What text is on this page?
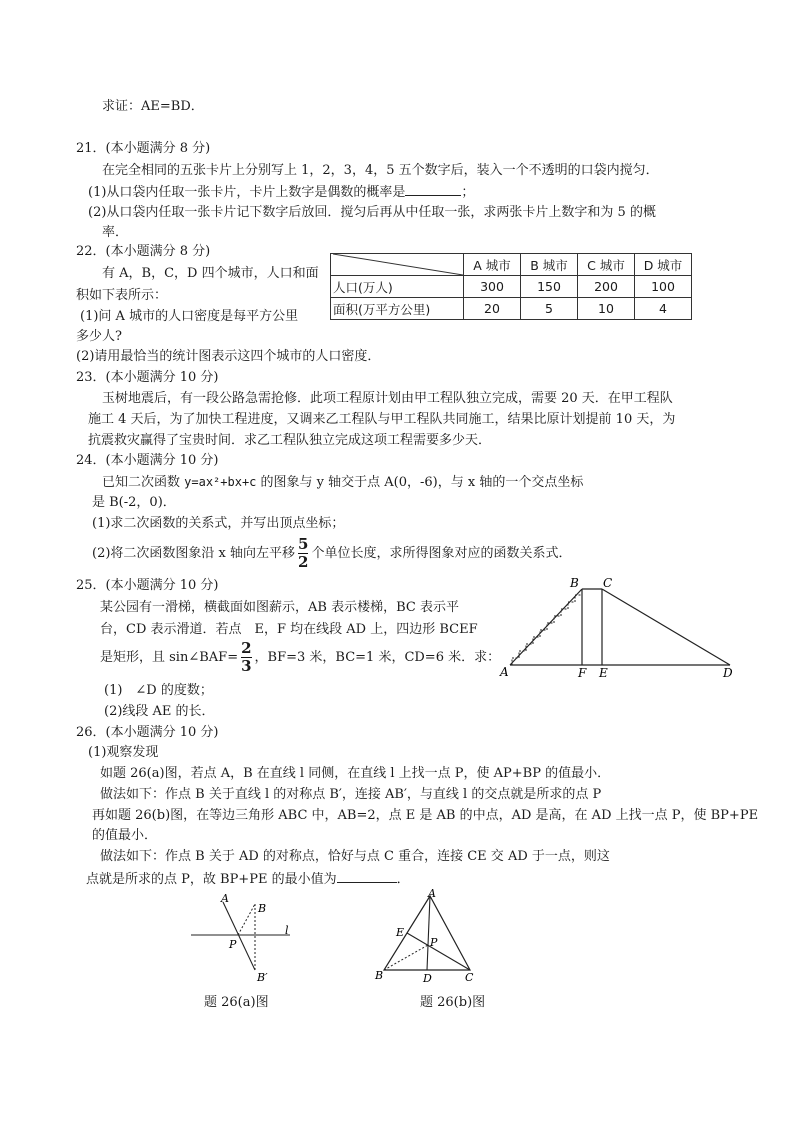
求证：AE=BD．
21．(本小题满分 8 分)
在完全相同的五张卡片上分别写上 1，2，3，4，5 五个数字后，装入一个不透明的口袋内搅匀．
(1)从口袋内任取一张卡片，卡片上数字是偶数的概率是	；
(2)从口袋内任取一张卡片记下数字后放回．搅匀后再从中任取一张，求两张卡片上数字和为 5 的概
率．
22．(本小题满分 8 分)
有 A，B，C，D 四个城市，人口和面
积如下表所示：
(1)问 A 城市的人口密度是每平方公里
多少人?
(2)请用最恰当的统计图表示这四个城市的人口密度．
	A 城市	B 城市	C 城市	D 城市
人口(万人)	300	150	200	100
面积(万平方公里)	20	5	10	4
23．(本小题满分 10 分)
玉树地震后，有一段公路急需抢修．此项工程原计划由甲工程队独立完成，需要 20 天．在甲工程队
施工 4 天后，为了加快工程进度，又调来乙工程队与甲工程队共同施工，结果比原计划提前 10 天，为
抗震救灾赢得了宝贵时间．求乙工程队独立完成这项工程需要多少天．
24．(本小题满分 10 分)
已知二次函数 y=ax²+bx+c 的图象与 y 轴交于点 A(0，-6)，与 x 轴的一个交点坐标
是 B(-2，0)．
(1)求二次函数的关系式，并写出顶点坐标；
(2)将二次函数图象沿 x 轴向左平移 $\frac{5}{2}$ 个单位长度，求所得图象对应的函数关系式．
25．(本小题满分 10 分)
某公园有一滑梯，横截面如图薪示，AB 表示楼梯，BC 表示平
台，CD 表示滑道．若点　E，F 均在线段 AD 上，四边形 BCEF
是矩形，且 sin∠BAF= $\frac{2}{3}$ ，BF=3 米，BC=1 米，CD=6 米．求：
(1)　∠D 的度数；
(2)线段 AE 的长．
A
B C
D
E
F
26．(本小题满分 10 分)
(1)观察发现
如题 26(a)图，若点 A，B 在直线 l 同侧，在直线 l 上找一点 P，使 AP+BP 的值最小．
做法如下：作点 B 关于直线 l 的对称点 B′，连接 AB′，与直线 l 的交点就是所求的点 P
再如题 26(b)图，在等边三角形 ABC 中，AB=2，点 E 是 AB 的中点，AD 是高，在 AD 上找一点 P，使 BP+PE
的值最小．
做法如下：作点 B 关于 AD 的对称点，恰好与点 C 重合，连接 CE 交 AD 于一点，则这
点就是所求的点 P，故 BP+PE 的最小值为	．
A
B
P
l
B′
题 26(a)图
A
B	C
D
E
P
题 26(b)图
